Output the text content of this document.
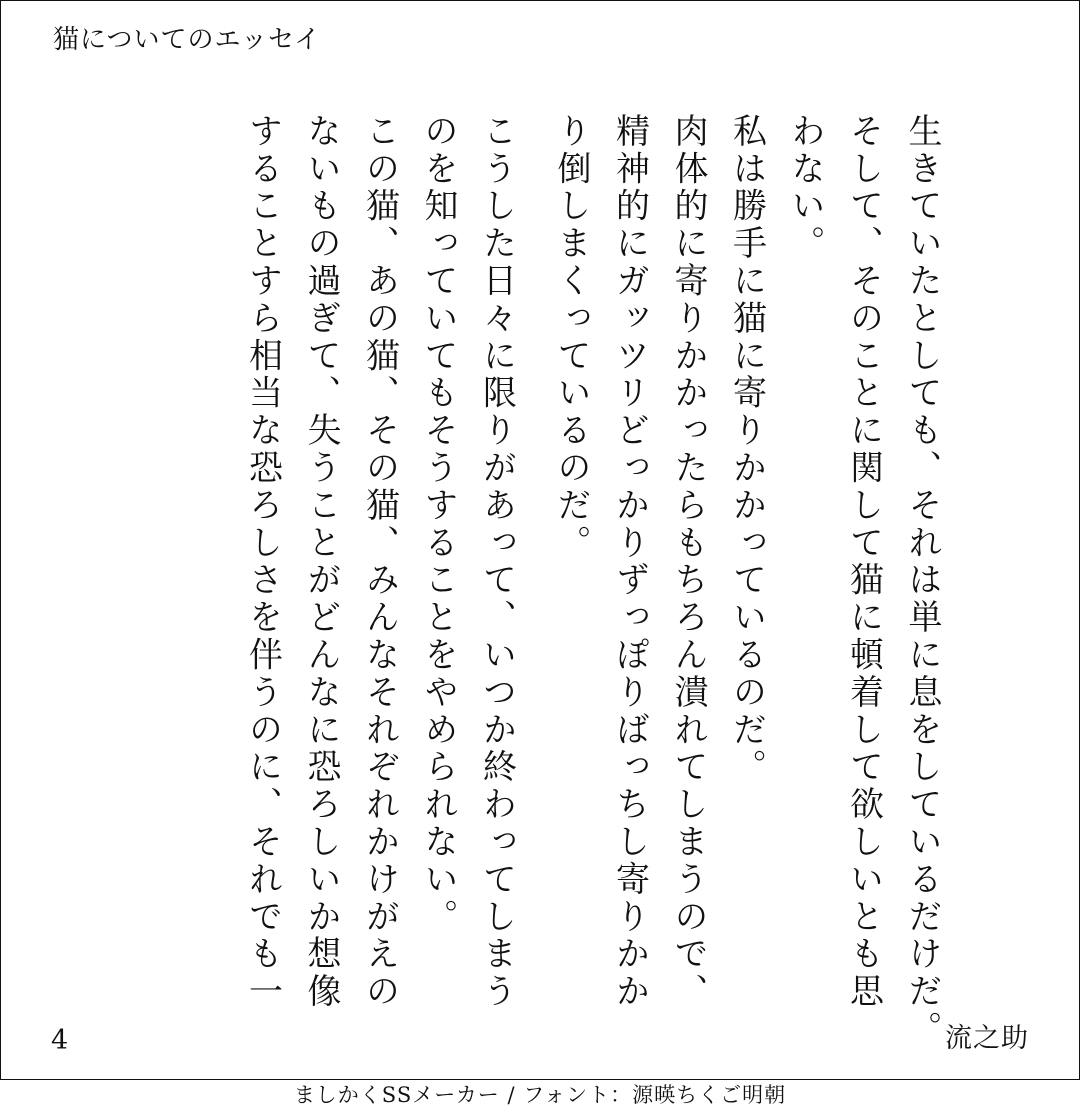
猫についてのエッセイ
生きていたとしても、それは単に息をしているだけだ。
そして、そのことに関して猫に頓着して欲しいとも思
わない。
私は勝手に猫に寄りかかっているのだ。
肉体的に寄りかかったらもちろん潰れてしまうので、
精神的にガッツリどっかりずっぽりばっちし寄りかか
り倒しまくっているのだ。
こうした日々に限りがあって、いつか終わってしまう
のを知っていてもそうすることをやめられない。
この猫、あの猫、その猫、みんなそれぞれかけがえの
ないもの過ぎて、失うことがどんなに恐ろしいか想像
することすら相当な恐ろしさを伴うのに、それでも一
4	流之助
ましかくSSメーカー / フォント：源暎ちくご明朝
